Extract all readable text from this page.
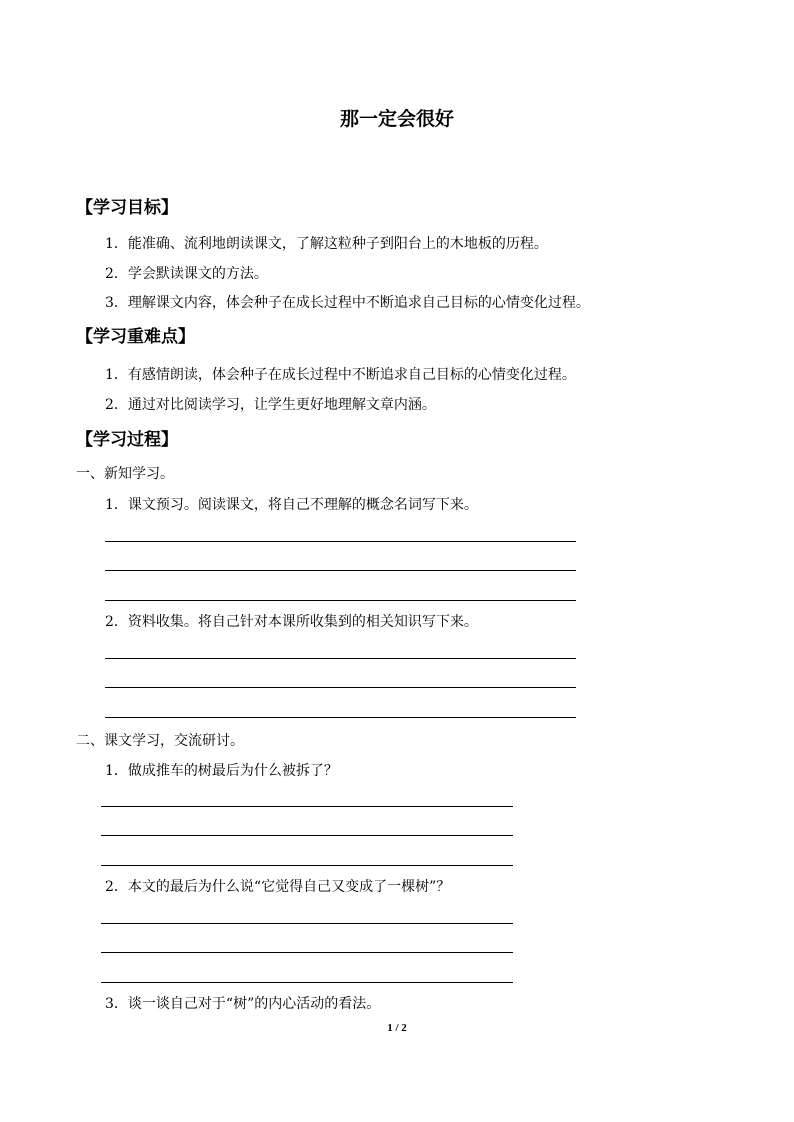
那一定会很好
【学习目标】
1．能准确、流利地朗读课文，了解这粒种子到阳台上的木地板的历程。
2．学会默读课文的方法。
3．理解课文内容，体会种子在成长过程中不断追求自己目标的心情变化过程。
【学习重难点】
1．有感情朗读，体会种子在成长过程中不断追求自己目标的心情变化过程。
2．通过对比阅读学习，让学生更好地理解文章内涵。
【学习过程】
一、新知学习。
1．课文预习。阅读课文，将自己不理解的概念名词写下来。
2．资料收集。将自己针对本课所收集到的相关知识写下来。
二、课文学习，交流研讨。
1．做成推车的树最后为什么被拆了？
2．本文的最后为什么说“它觉得自己又变成了一棵树”？
3．谈一谈自己对于“树”的内心活动的看法。
1 / 2
